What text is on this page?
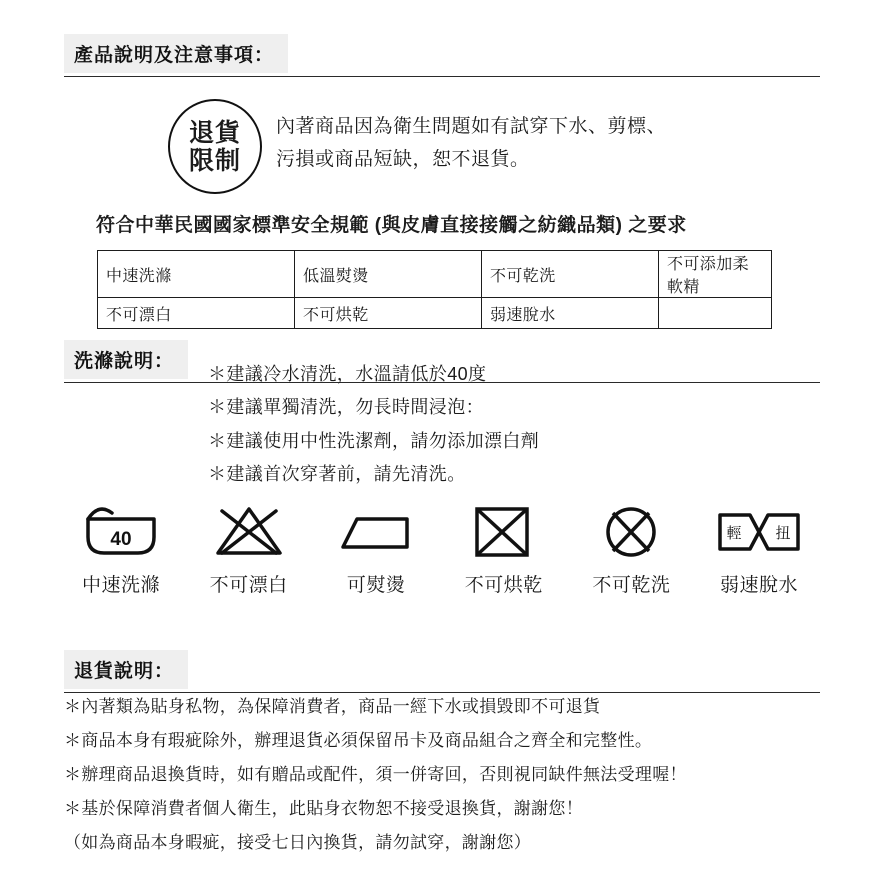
產品說明及注意事項：
退貨
限制
內著商品因為衛生問題如有試穿下水、剪標、
污損或商品短缺，恕不退貨。
符合中華民國國家標準安全規範 (與皮膚直接接觸之紡織品類) 之要求
中速洗滌	低溫熨燙	不可乾洗	不可添加柔軟精
不可漂白	不可烘乾	弱速脫水	
洗滌說明：
＊建議冷水清洗，水溫請低於40度
＊建議單獨清洗，勿長時間浸泡：
＊建議使用中性洗潔劑，請勿添加漂白劑
＊建議首次穿著前，請先清洗。
40
中速洗滌	不可漂白	可熨燙	不可烘乾	不可乾洗
輕 扭
弱速脫水
退貨說明：
＊內著類為貼身私物，為保障消費者，商品一經下水或損毀即不可退貨
＊商品本身有瑕疵除外，辦理退貨必須保留吊卡及商品組合之齊全和完整性。
＊辦理商品退換貨時，如有贈品或配件，須一併寄回，否則視同缺件無法受理喔！
＊基於保障消費者個人衛生，此貼身衣物恕不接受退換貨，謝謝您！
（如為商品本身暇疵，接受七日內換貨，請勿試穿，謝謝您）
